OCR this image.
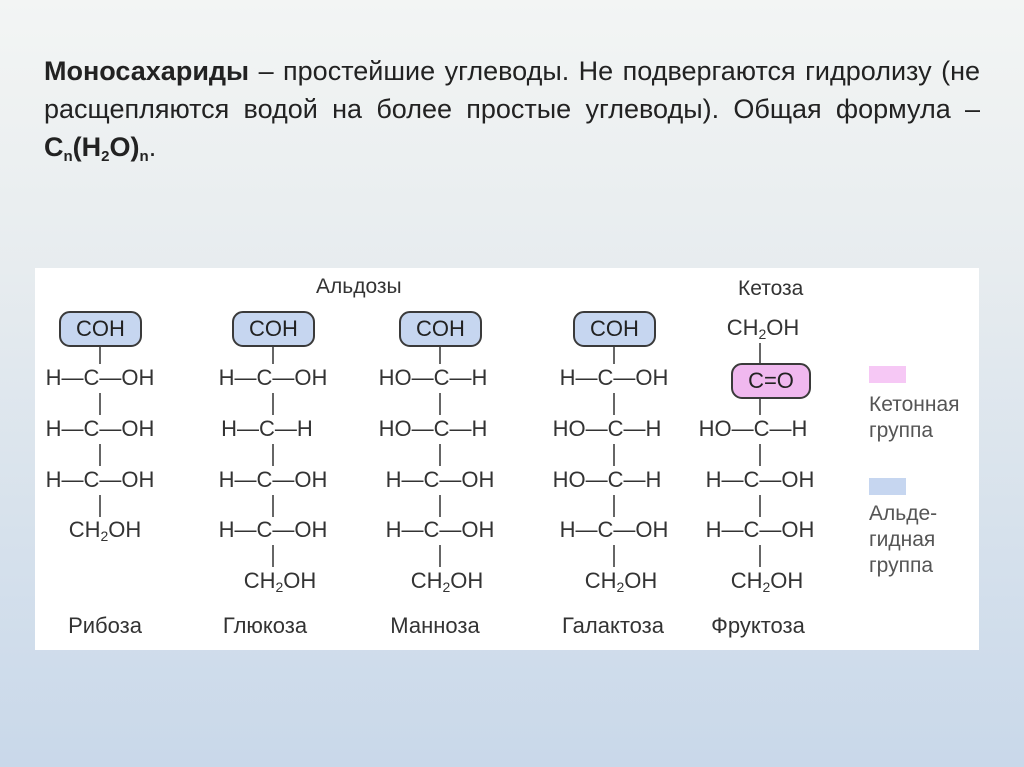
Моносахариды – простейшие углеводы. Не подвергаются гидролизу (не расщепляются водой на более простые углеводы). Общая формула – $C_n(H_2O)_n$.
Альдозы	Кетоза
COH
H—C—OH
H—C—OH
H—C—OH
$CH_2OH$
Рибоза
COH
H—C—OH
H—C—H
H—C—OH
H—C—OH
$CH_2OH$
Глюкоза
COH
HO—C—H
HO—C—H
H—C—OH
H—C—OH
$CH_2OH$
Манноза
COH
H—C—OH
HO—C—H
HO—C—H
H—C—OH
$CH_2OH$
Галактоза
$CH_2OH$
C=O
HO—C—H
H—C—OH
H—C—OH
$CH_2OH$
Фруктоза
Кетонная
группа
Альде-
гидная
группа
